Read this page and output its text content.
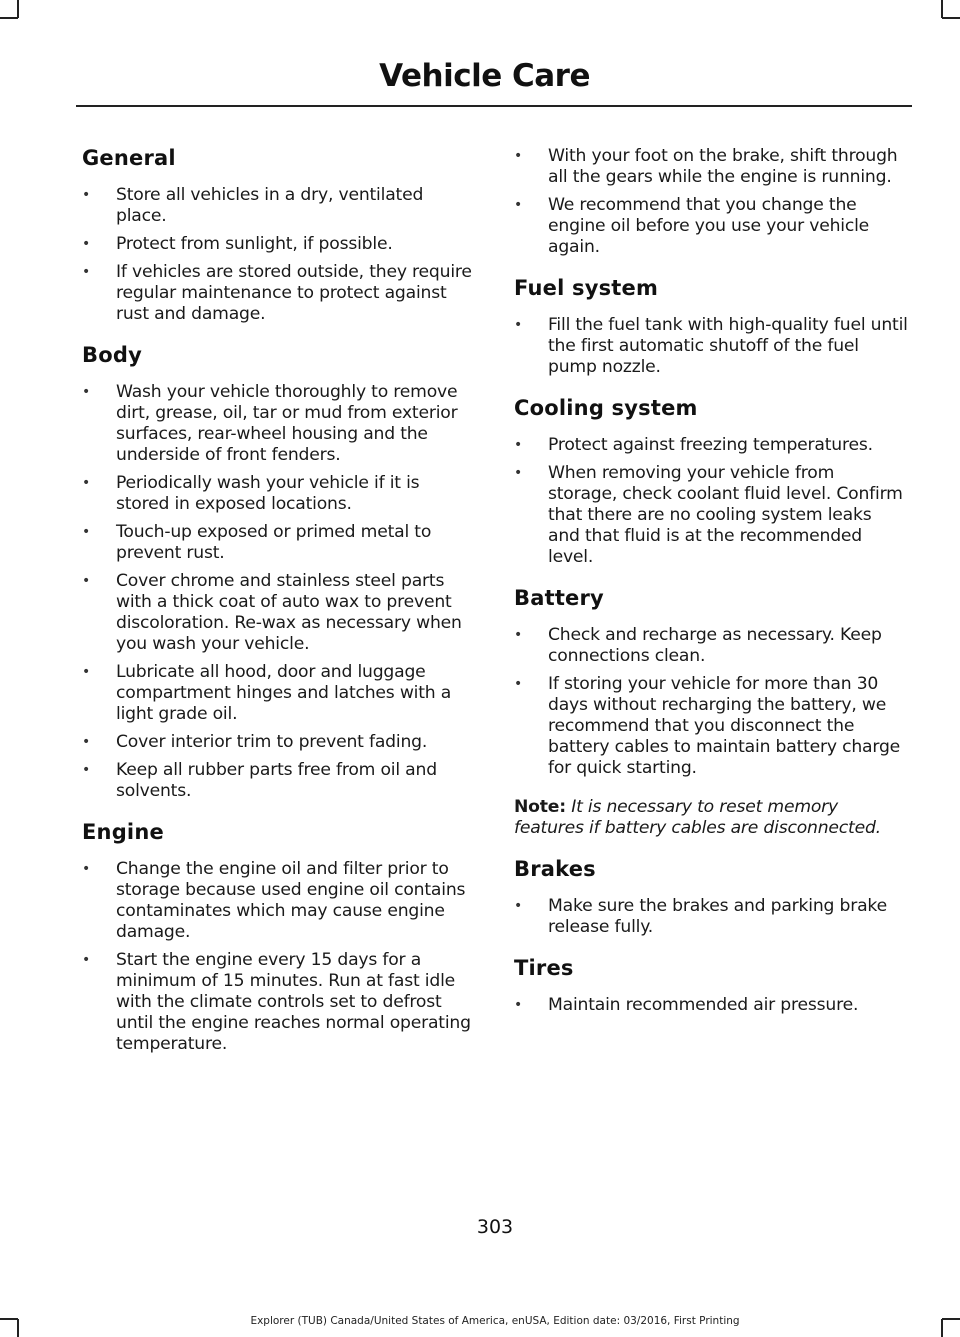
Vehicle Care
General
• Store all vehicles in a dry, ventilated place.
• Protect from sunlight, if possible.
• If vehicles are stored outside, they require regular maintenance to protect against rust and damage.
Body
• Wash your vehicle thoroughly to remove dirt, grease, oil, tar or mud from exterior surfaces, rear-wheel housing and the underside of front fenders.
• Periodically wash your vehicle if it is stored in exposed locations.
• Touch-up exposed or primed metal to prevent rust.
• Cover chrome and stainless steel parts with a thick coat of auto wax to prevent discoloration. Re-wax as necessary when you wash your vehicle.
• Lubricate all hood, door and luggage compartment hinges and latches with a light grade oil.
• Cover interior trim to prevent fading.
• Keep all rubber parts free from oil and solvents.
Engine
• Change the engine oil and filter prior to storage because used engine oil contains contaminates which may cause engine damage.
• Start the engine every 15 days for a minimum of 15 minutes. Run at fast idle with the climate controls set to defrost until the engine reaches normal operating temperature.
• With your foot on the brake, shift through all the gears while the engine is running.
• We recommend that you change the engine oil before you use your vehicle again.
Fuel system
• Fill the fuel tank with high-quality fuel until the first automatic shutoff of the fuel pump nozzle.
Cooling system
• Protect against freezing temperatures.
• When removing your vehicle from storage, check coolant fluid level. Confirm that there are no cooling system leaks and that fluid is at the recommended level.
Battery
• Check and recharge as necessary. Keep connections clean.
• If storing your vehicle for more than 30 days without recharging the battery, we recommend that you disconnect the battery cables to maintain battery charge for quick starting.

Note: It is necessary to reset memory features if battery cables are disconnected.

Brakes
• Make sure the brakes and parking brake release fully.
Tires
• Maintain recommended air pressure.
303
Explorer (TUB) Canada/United States of America, enUSA, Edition date: 03/2016, First Printing
